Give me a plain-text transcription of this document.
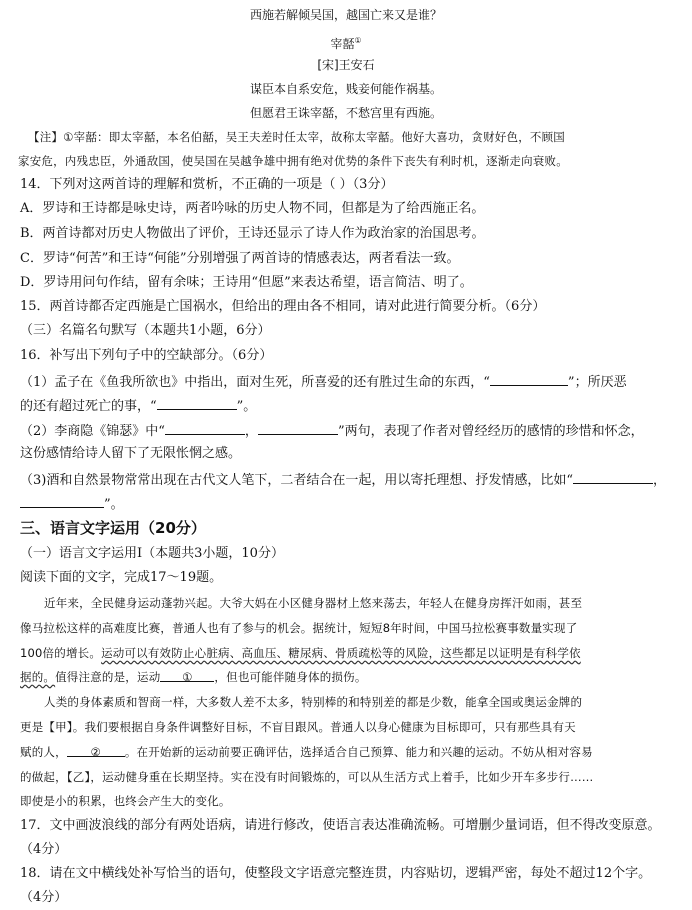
西施若解倾吴国，越国亡来又是谁？
宰嚭①
[宋]王安石
谋臣本自系安危，贱妾何能作祸基。
但愿君王诛宰嚭，不愁宫里有西施。
【注】①宰嚭：即太宰嚭，本名伯嚭，吴王夫差时任太宰，故称太宰嚭。他好大喜功，贪财好色，不顾国
家安危，内残忠臣，外通敌国，使吴国在吴越争雄中拥有绝对优势的条件下丧失有利时机，逐渐走向衰败。
14．下列对这两首诗的理解和赏析，不正确的一项是（ ）（3分）
A．罗诗和王诗都是咏史诗，两者吟咏的历史人物不同，但都是为了给西施正名。
B．两首诗都对历史人物做出了评价，王诗还显示了诗人作为政治家的治国思考。
C．罗诗“何苦”和王诗“何能”分别增强了两首诗的情感表达，两者看法一致。
D．罗诗用问句作结，留有余味；王诗用“但愿”来表达希望，语言简洁、明了。
15．两首诗都否定西施是亡国祸水，但给出的理由各不相同，请对此进行简要分析。（6分）
（三）名篇名句默写（本题共1小题，6分）
16．补写出下列句子中的空缺部分。（6分）
（1）孟子在《鱼我所欲也》中指出，面对生死，所喜爱的还有胜过生命的东西，“	”；所厌恶
的还有超过死亡的事，“	”。
（2）李商隐《锦瑟》中“	，	”两句，表现了作者对曾经经历的感情的珍惜和怀念，
这份感情给诗人留下了无限怅惘之感。
（3)酒和自然景物常常出现在古代文人笔下，二者结合在一起，用以寄托理想、抒发情感，比如“	，
”。
三、语言文字运用（20分）
（一）语言文字运用Ⅰ（本题共3小题，10分）
阅读下面的文字，完成17～19题。
近年来，全民健身运动蓬勃兴起。大爷大妈在小区健身器材上悠来荡去，年轻人在健身房挥汗如雨，甚至
像马拉松这样的高难度比赛，普通人也有了参与的机会。据统计，短短8年时间，中国马拉松赛事数量实现了
100倍的增长。运动可以有效防止心脏病、高血压、糖尿病、骨质疏松等的风险，这些都足以证明是有科学依
据的。值得注意的是，运动 ① ，但也可能伴随身体的损伤。
人类的身体素质和智商一样，大多数人差不太多，特别棒的和特别差的都是少数，能拿全国或奥运金牌的
更是【甲】。我们要根据自身条件调整好目标，不盲目跟风。普通人以身心健康为目标即可，只有那些具有天
赋的人， ② 。在开始新的运动前要正确评估，选择适合自己预算、能力和兴趣的运动。不妨从相对容易
的做起，【乙】，运动健身重在长期坚持。实在没有时间锻炼的，可以从生活方式上着手，比如少开车多步行……
即使是小的积累，也终会产生大的变化。
17．文中画波浪线的部分有两处语病，请进行修改，使语言表达准确流畅。可增删少量词语，但不得改变原意。
（4分）
18．请在文中横线处补写恰当的语句，使整段文字语意完整连贯，内容贴切，逻辑严密，每处不超过12个字。
（4分）
